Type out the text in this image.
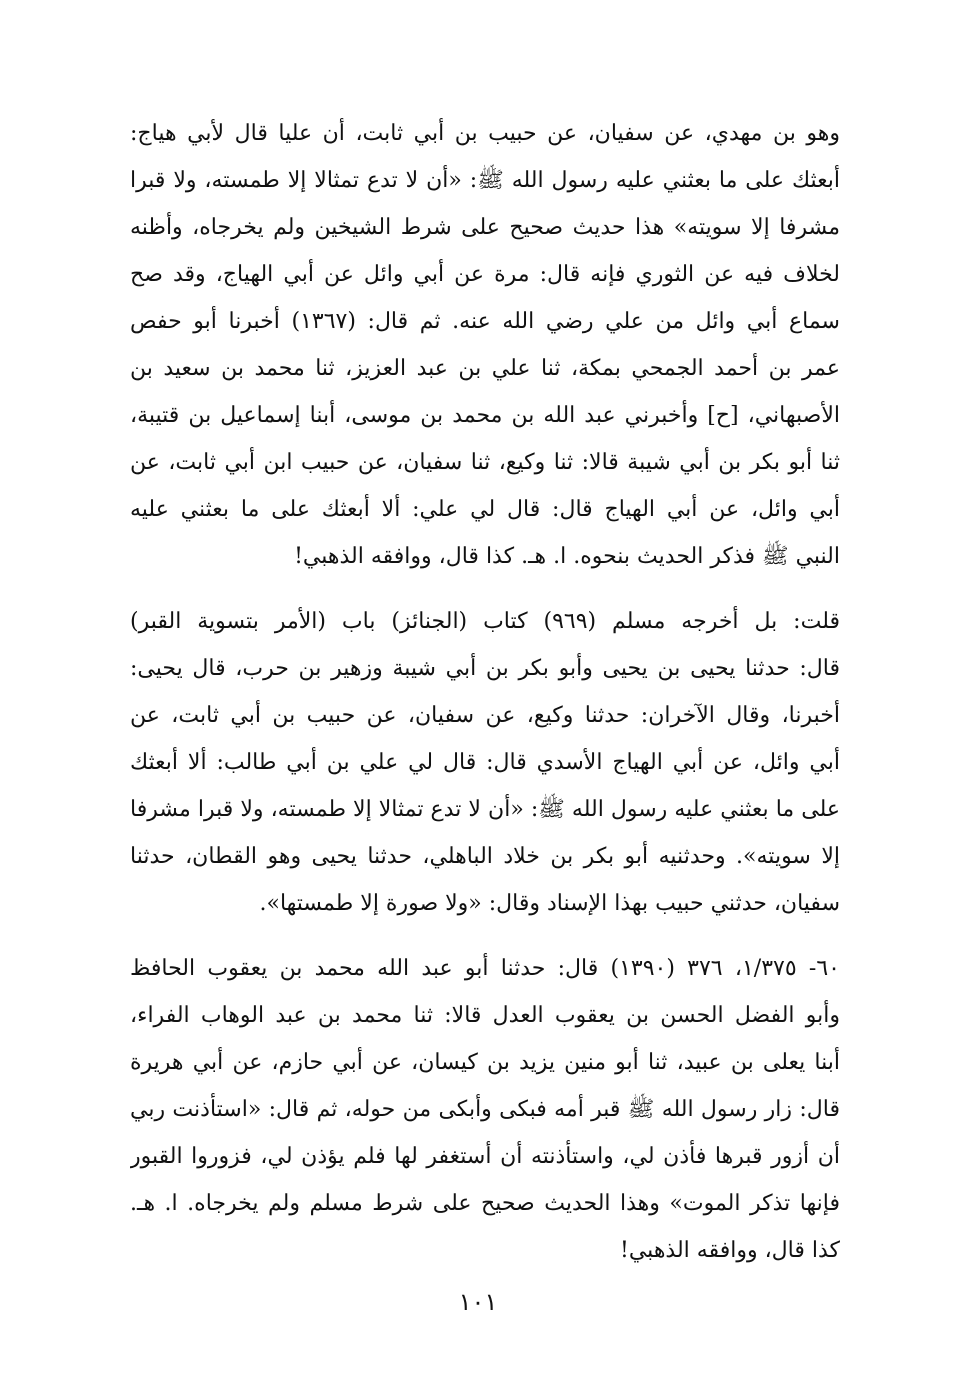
وهو بن مهدي، عن سفيان، عن حبيب بن أبي ثابت، أن عليا قال لأبي هياج:
أبعثك على ما بعثني عليه رسول الله ﷺ: «أن لا تدع تمثالا إلا طمسته، ولا قبرا
مشرفا إلا سويته» هذا حديث صحيح على شرط الشيخين ولم يخرجاه، وأظنه
لخلاف فيه عن الثوري فإنه قال: مرة عن أبي وائل عن أبي الهياج، وقد صح
سماع أبي وائل من علي رضي الله عنه. ثم قال: (١٣٦٧) أخبرنا أبو حفص
عمر بن أحمد الجمحي بمكة، ثنا علي بن عبد العزيز، ثنا محمد بن سعيد بن
الأصبهاني، [ح] وأخبرني عبد الله بن محمد بن موسى، أبنا إسماعيل بن قتيبة،
ثنا أبو بكر بن أبي شيبة قالا: ثنا وكيع، ثنا سفيان، عن حبيب ابن أبي ثابت، عن
أبي وائل، عن أبي الهياج قال: قال لي علي: ألا أبعثك على ما بعثني عليه
النبي ﷺ فذكر الحديث بنحوه. ا. هـ. كذا قال، ووافقه الذهبي!
قلت: بل أخرجه مسلم (٩٦٩) كتاب (الجنائز) باب (الأمر بتسوية القبر)
قال: حدثنا يحيى بن يحيى وأبو بكر بن أبي شيبة وزهير بن حرب، قال يحيى:
أخبرنا، وقال الآخران: حدثنا وكيع، عن سفيان، عن حبيب بن أبي ثابت، عن
أبي وائل، عن أبي الهياج الأسدي قال: قال لي علي بن أبي طالب: ألا أبعثك
على ما بعثني عليه رسول الله ﷺ: «أن لا تدع تمثالا إلا طمسته، ولا قبرا مشرفا
إلا سويته». وحدثنيه أبو بكر بن خلاد الباهلي، حدثنا يحيى وهو القطان، حدثنا
سفيان، حدثني حبيب بهذا الإسناد وقال: «ولا صورة إلا طمستها».
٦٠- ١/٣٧٥، ٣٧٦ (١٣٩٠) قال: حدثنا أبو عبد الله محمد بن يعقوب الحافظ
وأبو الفضل الحسن بن يعقوب العدل قالا: ثنا محمد بن عبد الوهاب الفراء،
أبنا يعلى بن عبيد، ثنا أبو منين يزيد بن كيسان، عن أبي حازم، عن أبي هريرة
قال: زار رسول الله ﷺ قبر أمه فبكى وأبكى من حوله، ثم قال: «استأذنت ربي
أن أزور قبرها فأذن لي، واستأذنته أن أستغفر لها فلم يؤذن لي، فزوروا القبور
فإنها تذكر الموت» وهذا الحديث صحيح على شرط مسلم ولم يخرجاه. ا. هـ.
كذا قال، ووافقه الذهبي!
١٠١
